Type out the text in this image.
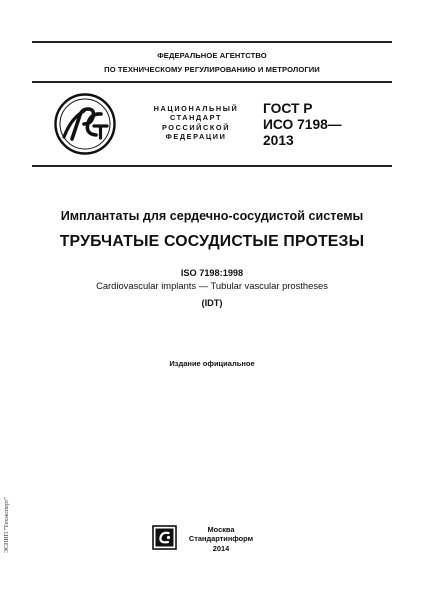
ФЕДЕРАЛЬНОЕ АГЕНТСТВО
ПО ТЕХНИЧЕСКОМУ РЕГУЛИРОВАНИЮ И МЕТРОЛОГИИ
НАЦИОНАЛЬНЫЙ
СТАНДАРТ
РОССИЙСКОЙ
ФЕДЕРАЦИИ
ГОСТ Р
ИСО 7198—
2013
Имплантаты для сердечно-сосудистой системы
ТРУБЧАТЫЕ СОСУДИСТЫЕ ПРОТЕЗЫ
ISO 7198:1998
Cardiovascular implants — Tubular vascular prostheses
(IDT)
Издание официальное
ЭСНИП "Техэксперт"	Москва
Стандартинформ
2014
